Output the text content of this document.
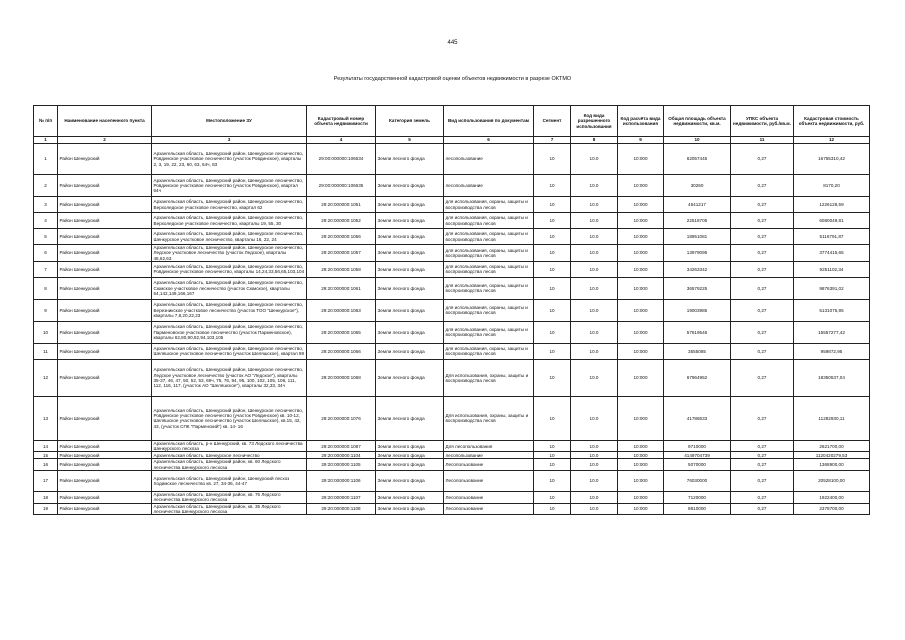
445
Результаты государственной кадастровой оценки объектов недвижимости в разрезе ОКТМО
№ п/п	Наименование населенного пункта	Местоположение ЗУ	Кадастровый номер объекта недвижимости	Категория земель	Вид использования по документам	Сегмент	Код вида разрешенного использования	Код расчёта вида использования	Общая площадь объекта недвижимости, кв.м.	УПКС объекта недвижимости, руб./кв.м.	Кадастровая стоимость объекта недвижимости, руб.
1	2	3	4	5	6	7	8	9	10	11	12
1	Район Шенкурский	Архангельская область, Шенкурский район, Шенкурское лесничество, Ровдинское участковое лесничество (участок Ровдинское), кварталы 2, 3, 19, 22, 23, 60, 63, 64ч, 83	29:00:000000:106634	Земли лесного фонда	лесопользование	10	10.0	10:000	62057445	0,27	16755310,42
2	Район Шенкурский	Архангельская область, Шенкурский район, Шенкурское лесничество, Ровдинское участковое лесничество (участок Ровдинское), квартал 64ч	29:00:000000:106635	Земли лесного фонда	лесопользование	10	10.0	10:000	30260	0,27	8170,20
3	Район Шенкурский	Архангельская область, Шенкурский район, Шенкурское лесничество, Верхоледское участковое лесничество, квартал 62	29:20:000000:1051	Земли лесного фонда	для использования, охраны, защиты и воспроизводства лесов	10	10.0	10:000	4541217	0,27	1226128,59
4	Район Шенкурский	Архангельская область, Шенкурский район, Шенкурское лесничество, Верхоледское участковое лесничество, кварталы 19, 55, 30	29:20:000000:1052	Земли лесного фонда	для использования, охраны, защиты и воспроизводства лесов	10	10.0	10:000	22518705	0,27	6080049,81
5	Район Шенкурский	Архангельская область, Шенкурский район, Шенкурское лесничество, Шенкурское участковое лесничество, кварталы 16, 22, 24	29:20:000000:1056	Земли лесного фонда	для использования, охраны, защиты и воспроизводства лесов	10	10.0	10:000	18951081	0,27	5116791,87
6	Район Шенкурский	Архангельская область, Шенкурский район, Шенкурское лесничество, Ледское участковое лесничество (участок Ледское), кварталы 48,62,63	29:20:000000:1057	Земли лесного фонда	для использования, охраны, защиты и воспроизводства лесов	10	10.0	10:000	13979095	0,27	3774415,65
7	Район Шенкурский	Архангельская область, Шенкурский район, Шенкурское лесничество, Ровдинское участковое лесничество, кварталы 14,24,33,56,65,103,104	29:20:000000:1058	Земли лесного фонда	для использования, охраны, защиты и воспроизводства лесов	10	10.0	10:000	34263342	0,27	9251102,34
8	Район Шенкурский	Архангельская область, Шенкурский район, Шенкурское лесничество, Сюмское участковое лесничество (участок Сюмское), кварталы 54,142,149,166,167	29:20:000000:1061	Земли лесного фонда	для использования, охраны, защиты и воспроизводства лесов	10	10.0	10:000	36579225	0,27	9876391,02
9	Район Шенкурский	Архангельская область, Шенкурский район, Шенкурское лесничество, Березникское участковое лесничество (участок ТОО "Шенкурское"), кварталы 7,8,20,22,23	29:20:000000:1063	Земли лесного фонда	для использования, охраны, защиты и воспроизводства лесов	10	10.0	10:000	19003985	0,27	5131075,95
10	Район Шенкурский	Архангельская область, Шенкурский район, Шенкурское лесничество, Парменовское участковое лесничество (участок Парменовское), кварталы 62,80,90,92,94,103,105	29:20:000000:1065	Земли лесного фонда	для использования, охраны, защиты и воспроизводства лесов	10	10.0	10:000	57619546	0,27	15557277,42
11	Район Шенкурский	Архангельская область, Шенкурский район, Шенкурское лесничество, Шеляшское участковое лесничество (участок Шеляшское), квартал 98	29:20:000000:1066	Земли лесного фонда	для использования, охраны, защиты и воспроизводства лесов	10	10.0	10:000	3555085	0,27	959872,95
12	Район Шенкурский	Архангельская область, Шенкурский район, Шенкурское лесничество, Ледское участковое лесничество (участок АО "Ледское"), кварталы 35-37, 46, 47, 50, 52, 53, 69ч, 75, 76, 94, 95, 100, 102, 105, 106, 111, 112, 116, 117, (участок АО "Шеляшское"), кварталы 32,33, 34ч	29:20:000000:1068	Земли лесного фонда	Для использования, охраны, защиты и воспроизводства лесов	10	10.0	10:000	67964952	0,27	18350537,04
13	Район Шенкурский	Архангельская область, Шенкурский район, Шенкурское лесничество, Ровдинское участковое лесничество (участок Ровдинское) кв. 10-12, Шеляшское участковое лесничество (участок Шеляшское), кв.15, 42, 43, (участок СПК "Парменский") кв. 14- 16	29:20:000000:1076	Земли лесного фонда	Для использования, охраны, защиты и воспроизводства лесов	10	10.0	10:000	41788633	0,27	11282930,11
14	Район Шенкурский	Архангельская область, р-н Шенкурский, кв. 73 Ледского лесничества Шенкурского лесхоза	29:20:000000:1087	Земли лесного фонда	Для лесопользования	10	10.0	10:000	9710000	0,27	2621700,00
15	Район Шенкурский	Архангельская область, Шенкурское лесничество	29:20:000000:1104	Земли лесного фонда	лесопользование	10	10.0	10:000	4149704739	0,27	1120420279,53
16	Район Шенкурский	Архангельская область, Шенкурский район, кв. 60 Ледского лесничества Шенкурского лесхоза	29:20:000000:1105	Земли лесного фонда	Лесопользование	10	10.0	10:000	5070000	0,27	1368900,00
17	Район Шенкурский	Архангельская область, Шенкурский район, Шенкурский лесхоз Ходимское лесничество кв. 27, 34-36, 44-47	29:20:000000:1106	Земли лесного фонда	Лесопользование	10	10.0	10:000	76030000	0,27	20528100,00
18	Район Шенкурский	Архангельская область, Шенкурский район, кв. 76 Ледского лесничества Шенкурского лесхоза	29:20:000000:1107	Земли лесного фонда	Лесопользование	10	10.0	10:000	7120000	0,27	1922400,00
19	Район Шенкурский	Архангельская область, Шенкурский район, кв. 35 Ледского лесничества Шенкурского лесхоза	29:20:000000:1108	Земли лесного фонда	Лесопользование	10	10.0	10:000	8810000	0,27	2378700,00
